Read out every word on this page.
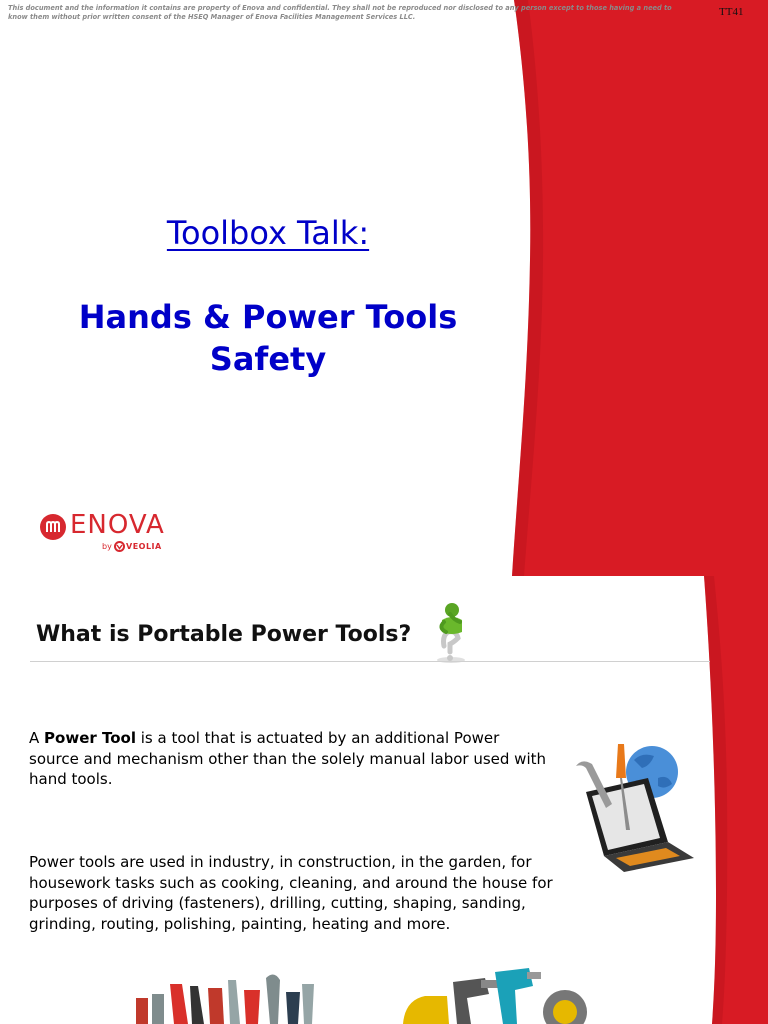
This document and the information it contains are property of Enova and confidential. They shall not be reproduced nor disclosed to any person except to those having a need to know them without prior written consent of the HSEQ Manager of Enova Facilities Management Services LLC.	TT41
Toolbox Talk:
Hands & Power Tools
Safety
ENOVA
by VEOLIA
What is Portable Power Tools?

A Power Tool is a tool that is actuated by an additional Power source and mechanism other than the solely manual labor used with hand tools.

Power tools are used in industry, in construction, in the garden, for housework tasks such as cooking, cleaning, and around the house for purposes of driving (fasteners), drilling, cutting, shaping, sanding, grinding, routing, polishing, painting, heating and more.
